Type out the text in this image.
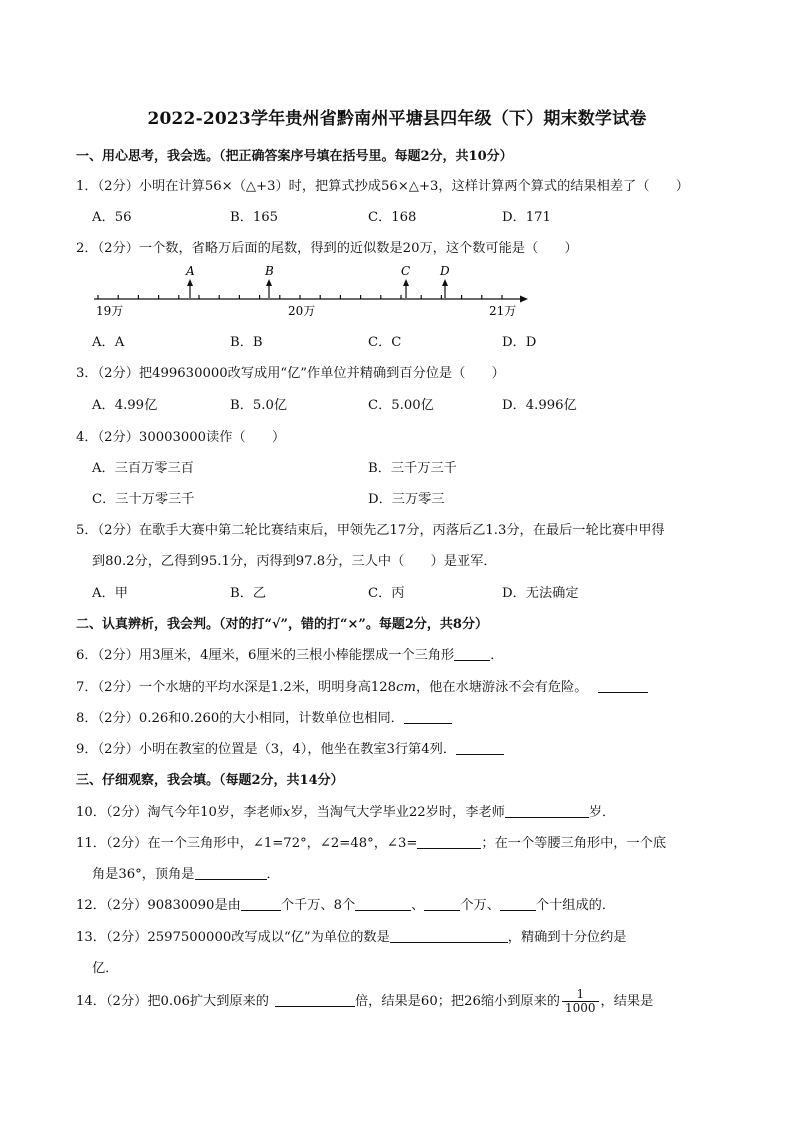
2022-2023学年贵州省黔南州平塘县四年级（下）期末数学试卷
一、用心思考，我会选。（把正确答案序号填在括号里。每题2分，共10分）
1．（2分）小明在计算56×（△+3）时，把算式抄成56×△+3，这样计算两个算式的结果相差了（　　）
A．56	B．165	C．168	D．171
2．（2分）一个数，省略万后面的尾数，得到的近似数是20万，这个数可能是（　　）
A	B	C D
19万	20万	21万
A．A	B．B	C．C	D．D
3．（2分）把499630000改写成用“亿”作单位并精确到百分位是（　　）
A．4.99亿	B．5.0亿	C．5.00亿	D．4.996亿
4．（2分）30003000读作（　　）
A．三百万零三百	B．三千万三千
C．三十万零三千	D．三万零三
5．（2分）在歌手大赛中第二轮比赛结束后，甲领先乙17分，丙落后乙1.3分，在最后一轮比赛中甲得
到80.2分，乙得到95.1分，丙得到97.8分，三人中（　　）是亚军．
A．甲	B．乙	C．丙	D．无法确定
二、认真辨析，我会判。（对的打“√”，错的打“×”。每题2分，共8分）
6．（2分）用3厘米，4厘米，6厘米的三根小棒能摆成一个三角形	．
7．（2分）一个水塘的平均水深是1.2米，明明身高128cm，他在水塘游泳不会有危险。
8．（2分）0.26和0.260的大小相同，计数单位也相同．
9．（2分）小明在教室的位置是（3，4），他坐在教室3行第4列．
三、仔细观察，我会填。（每题2分，共14分）
10．（2分）淘气今年10岁，李老师x岁，当淘气大学毕业22岁时，李老师	岁．
11．（2分）在一个三角形中，∠1=72°，∠2=48°，∠3=	；在一个等腰三角形中，一个底
角是36°，顶角是	．
12．（2分）90830090是由	个千万、8个	、	个万、	个十组成的．
13．（2分）2597500000改写成以“亿”为单位的数是	，精确到十分位约是
亿．
14．（2分）把0.06扩大到原来的	倍，结果是60；把26缩小到原来的 $\frac{1}{1000}$ ，结果是
